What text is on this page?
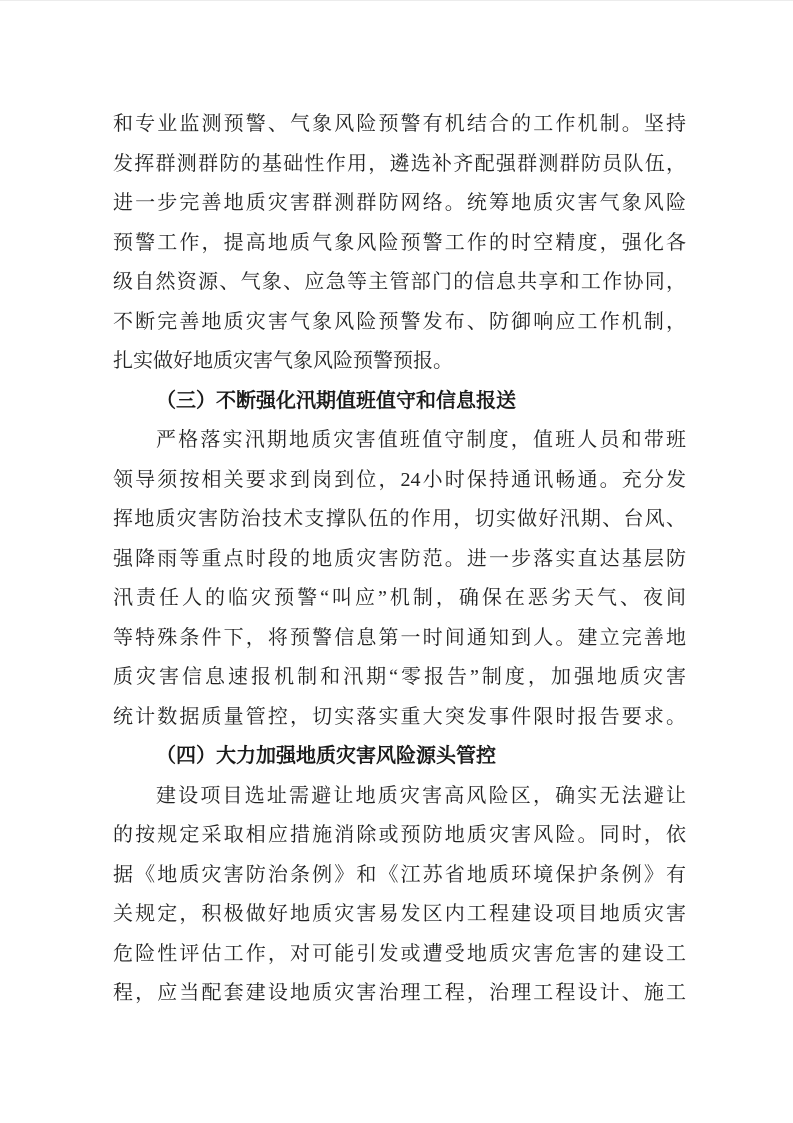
和专业监测预警、气象风险预警有机结合的工作机制。坚持
发挥群测群防的基础性作用，遴选补齐配强群测群防员队伍，
进一步完善地质灾害群测群防网络。统筹地质灾害气象风险
预警工作，提高地质气象风险预警工作的时空精度，强化各
级自然资源、气象、应急等主管部门的信息共享和工作协同，
不断完善地质灾害气象风险预警发布、防御响应工作机制，
扎实做好地质灾害气象风险预警预报。
（三）不断强化汛期值班值守和信息报送
严格落实汛期地质灾害值班值守制度，值班人员和带班
领导须按相关要求到岗到位，24小时保持通讯畅通。充分发
挥地质灾害防治技术支撑队伍的作用，切实做好汛期、台风、
强降雨等重点时段的地质灾害防范。进一步落实直达基层防
汛责任人的临灾预警“叫应”机制，确保在恶劣天气、夜间
等特殊条件下，将预警信息第一时间通知到人。建立完善地
质灾害信息速报机制和汛期“零报告”制度，加强地质灾害
统计数据质量管控，切实落实重大突发事件限时报告要求。
（四）大力加强地质灾害风险源头管控
建设项目选址需避让地质灾害高风险区，确实无法避让
的按规定采取相应措施消除或预防地质灾害风险。同时，依
据《地质灾害防治条例》和《江苏省地质环境保护条例》有
关规定，积极做好地质灾害易发区内工程建设项目地质灾害
危险性评估工作，对可能引发或遭受地质灾害危害的建设工
程，应当配套建设地质灾害治理工程，治理工程设计、施工
